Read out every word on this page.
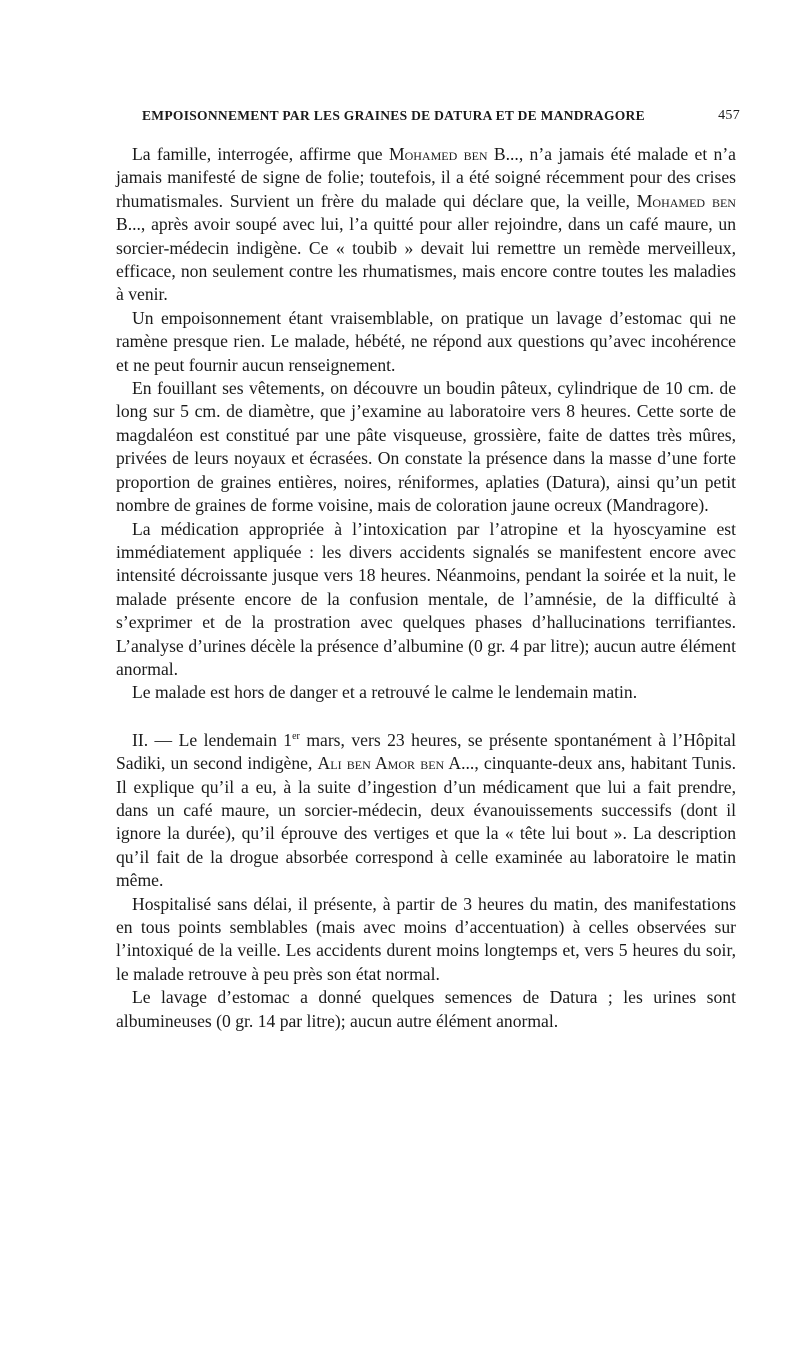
EMPOISONNEMENT PAR LES GRAINES DE DATURA ET DE MANDRAGORE	457

La famille, interrogée, affirme que Mohamed ben B..., n’a jamais été malade et n’a jamais manifesté de signe de folie; toutefois, il a été soigné récemment pour des crises rhumatismales. Survient un frère du malade qui déclare que, la veille, Mohamed ben B..., après avoir soupé avec lui, l’a quitté pour aller rejoindre, dans un café maure, un sorcier-médecin indigène. Ce « toubib » devait lui remettre un remède merveilleux, efficace, non seulement contre les rhumatismes, mais encore contre toutes les maladies à venir.

Un empoisonnement étant vraisemblable, on pratique un lavage d’estomac qui ne ramène presque rien. Le malade, hébété, ne répond aux questions qu’avec incohérence et ne peut fournir aucun renseignement.

En fouillant ses vêtements, on découvre un boudin pâteux, cylindrique de 10 cm. de long sur 5 cm. de diamètre, que j’examine au laboratoire vers 8 heures. Cette sorte de magdaléon est constitué par une pâte visqueuse, grossière, faite de dattes très mûres, privées de leurs noyaux et écrasées. On constate la présence dans la masse d’une forte proportion de graines entières, noires, réniformes, aplaties (Datura), ainsi qu’un petit nombre de graines de forme voisine, mais de coloration jaune ocreux (Mandragore).

La médication appropriée à l’intoxication par l’atropine et la hyoscyamine est immédiatement appliquée : les divers accidents signalés se manifestent encore avec intensité décroissante jusque vers 18 heures. Néanmoins, pendant la soirée et la nuit, le malade présente encore de la confusion mentale, de l’amnésie, de la difficulté à s’exprimer et de la prostration avec quelques phases d’hallucinations terrifiantes. L’analyse d’urines décèle la présence d’albumine (0 gr. 4 par litre); aucun autre élément anormal.

Le malade est hors de danger et a retrouvé le calme le lendemain matin.

II. — Le lendemain 1er mars, vers 23 heures, se présente spontanément à l’Hôpital Sadiki, un second indigène, Ali ben Amor ben A..., cinquante-deux ans, habitant Tunis. Il explique qu’il a eu, à la suite d’ingestion d’un médicament que lui a fait prendre, dans un café maure, un sorcier-médecin, deux évanouissements successifs (dont il ignore la durée), qu’il éprouve des vertiges et que la « tête lui bout ». La description qu’il fait de la drogue absorbée correspond à celle examinée au laboratoire le matin même.

Hospitalisé sans délai, il présente, à partir de 3 heures du matin, des manifestations en tous points semblables (mais avec moins d’accentuation) à celles observées sur l’intoxiqué de la veille. Les accidents durent moins longtemps et, vers 5 heures du soir, le malade retrouve à peu près son état normal.

Le lavage d’estomac a donné quelques semences de Datura ; les urines sont albumineuses (0 gr. 14 par litre); aucun autre élément anormal.
